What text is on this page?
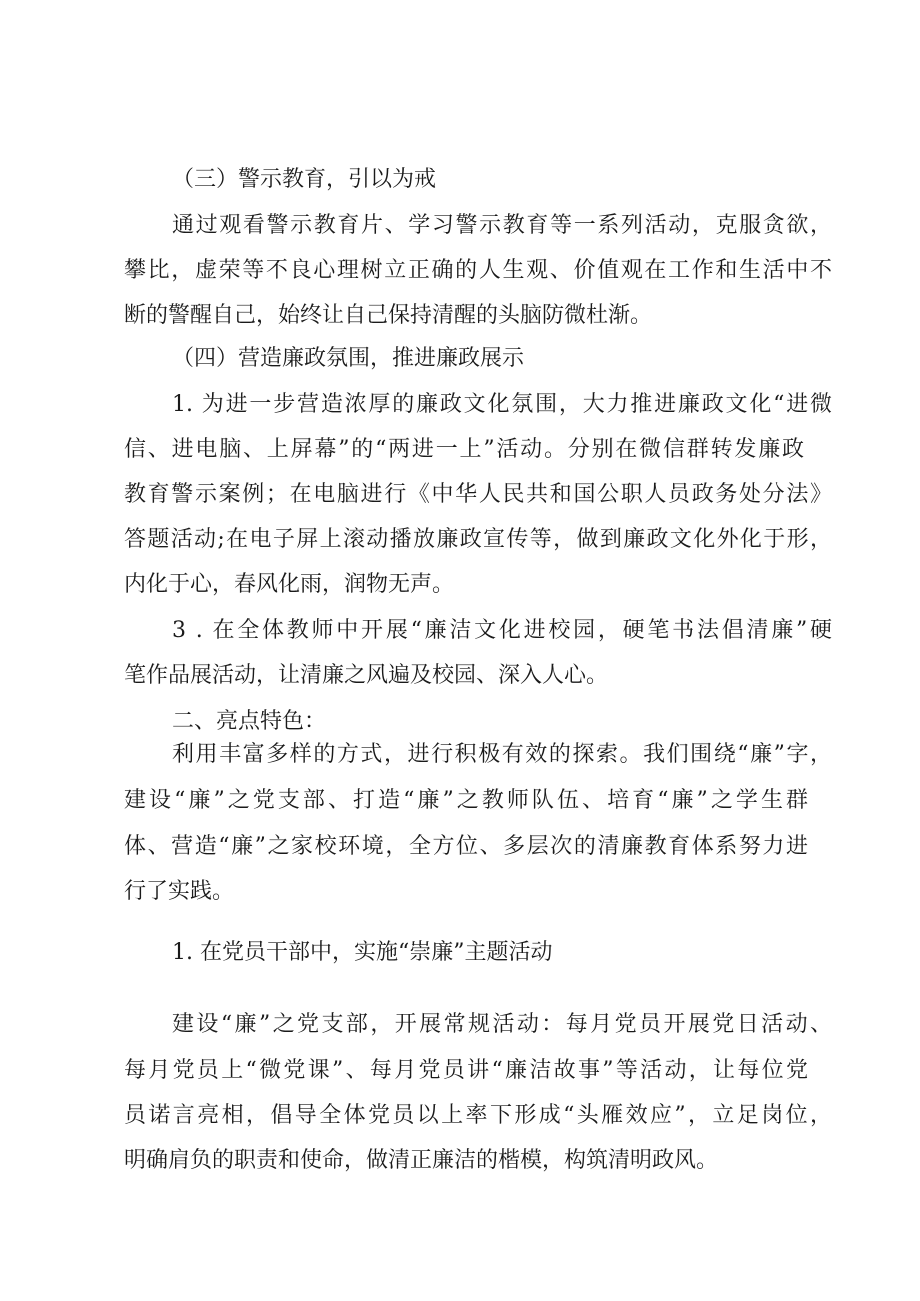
（三）警示教育，引以为戒
通过观看警示教育片、学习警示教育等一系列活动，克服贪欲，
攀比，虚荣等不良心理树立正确的人生观、价值观在工作和生活中不
断的警醒自己，始终让自己保持清醒的头脑防微杜渐。
（四）营造廉政氛围，推进廉政展示
1. 为进一步营造浓厚的廉政文化氛围，大力推进廉政文化“进微
信、进电脑、上屏幕”的“两进一上”活动。分别在微信群转发廉政
教育警示案例；在电脑进行《中华人民共和国公职人员政务处分法》
答题活动;在电子屏上滚动播放廉政宣传等，做到廉政文化外化于形，
内化于心，春风化雨，润物无声。
3 . 在全体教师中开展“廉洁文化进校园，硬笔书法倡清廉”硬
笔作品展活动，让清廉之风遍及校园、深入人心。
二、亮点特色：
利用丰富多样的方式，进行积极有效的探索。我们围绕“廉”字，
建设“廉”之党支部、打造“廉”之教师队伍、培育“廉”之学生群
体、营造“廉”之家校环境，全方位、多层次的清廉教育体系努力进
行了实践。
1. 在党员干部中，实施“崇廉”主题活动
建设“廉”之党支部，开展常规活动：每月党员开展党日活动、
每月党员上“微党课”、每月党员讲“廉洁故事”等活动，让每位党
员诺言亮相，倡导全体党员以上率下形成“头雁效应”，立足岗位，
明确肩负的职责和使命，做清正廉洁的楷模，构筑清明政风。
